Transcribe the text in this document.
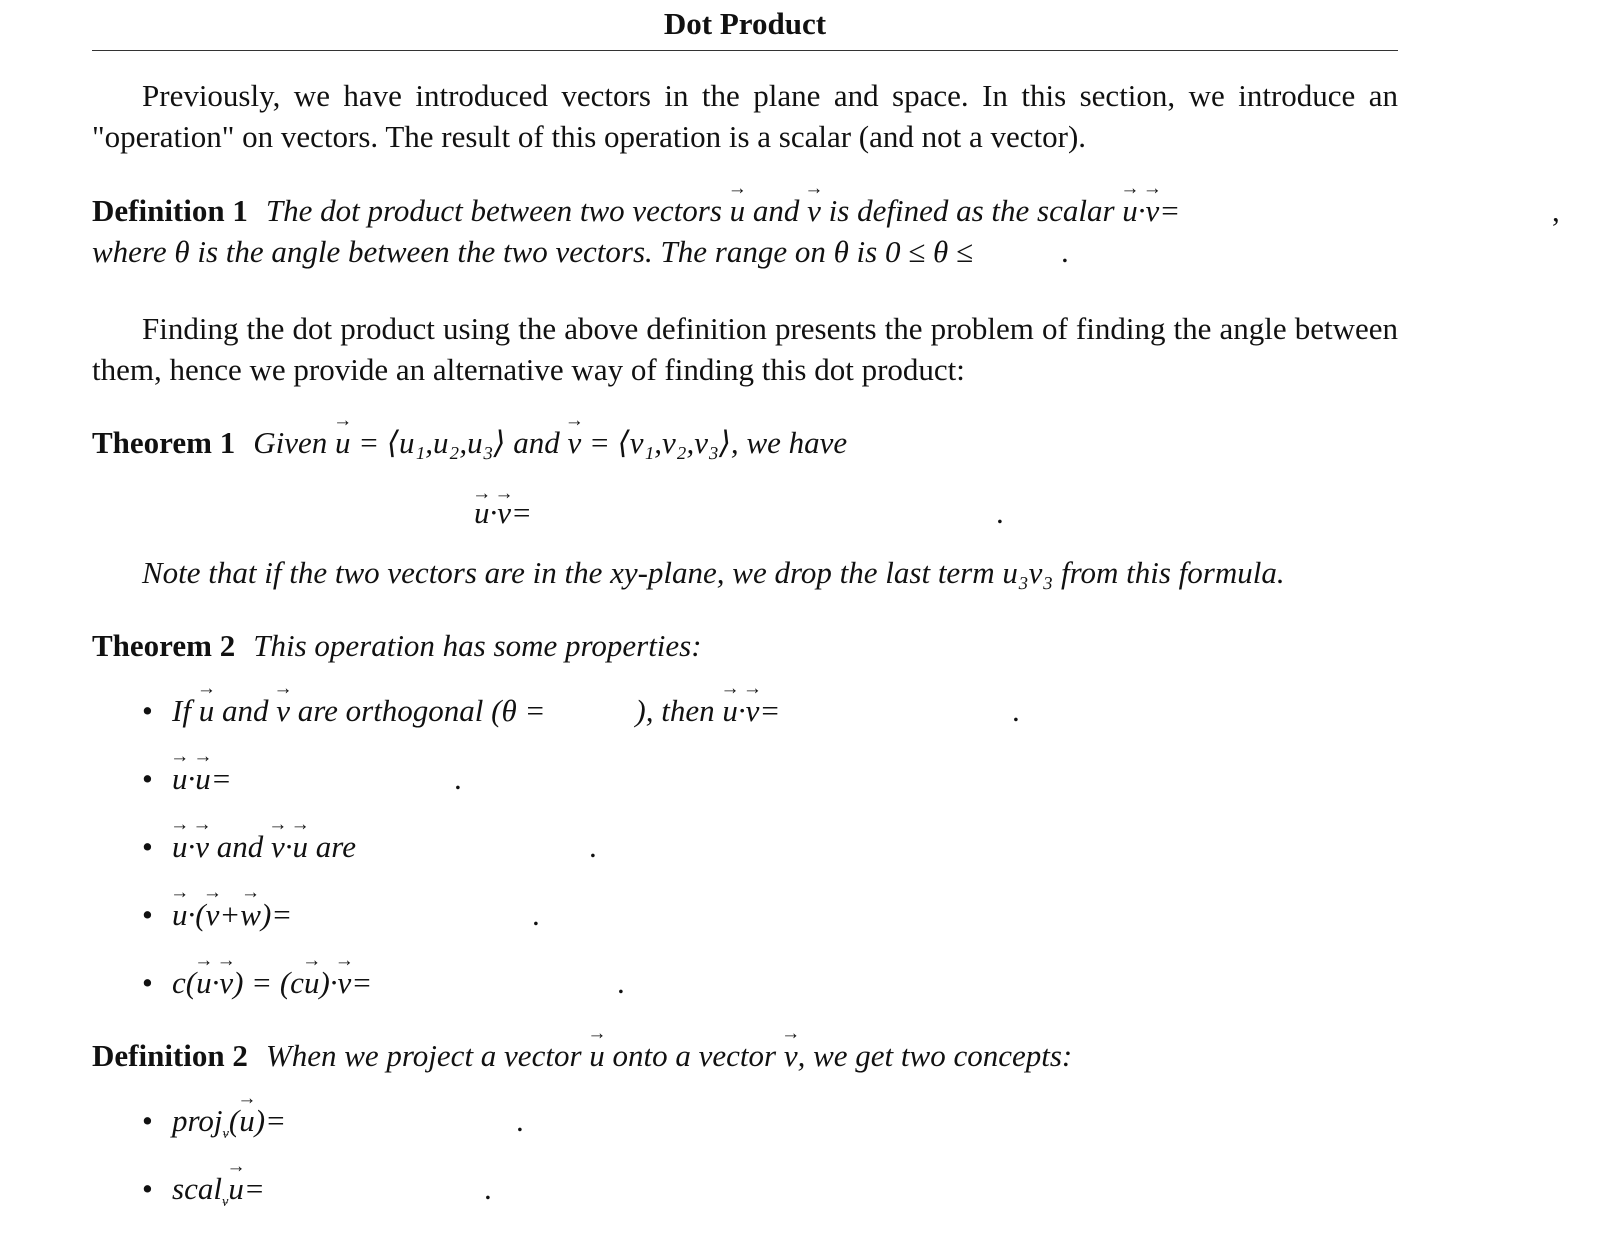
Dot Product

Previously, we have introduced vectors in the plane and space. In this section, we introduce an "operation" on vectors. The result of this operation is a scalar (and not a vector).

Definition 1 The dot product between two vectors → u and → v is defined as the scalar → u·→ v=	,
where θ is the angle between the two vectors. The range on θ is 0 ≤ θ ≤	.

Finding the dot product using the above definition presents the problem of finding the angle between them, hence we provide an alternative way of finding this dot product:

Theorem 1 Given → u = ⟨u₁,u₂,u₃⟩ and → v = ⟨v₁,v₂,v₃⟩, we have
→ u·→ v=	.

Note that if the two vectors are in the xy-plane, we drop the last term u₃v₃ from this formula.

Theorem 2 This operation has some properties:
• If → u and → v are orthogonal (θ =	), then → u·→ v=	.
• → u·→ u=	.
• → u·→ v and → v·→ u are	.
• → u·(→ v+→ w)=	.
• c(→ u·→ v) = (c→ u)·→ v=	.
Definition 2 When we project a vector → u onto a vector → v, we get two concepts:
• proj$_v$(→ u)=	.
• scal$_v$→ u=	.
